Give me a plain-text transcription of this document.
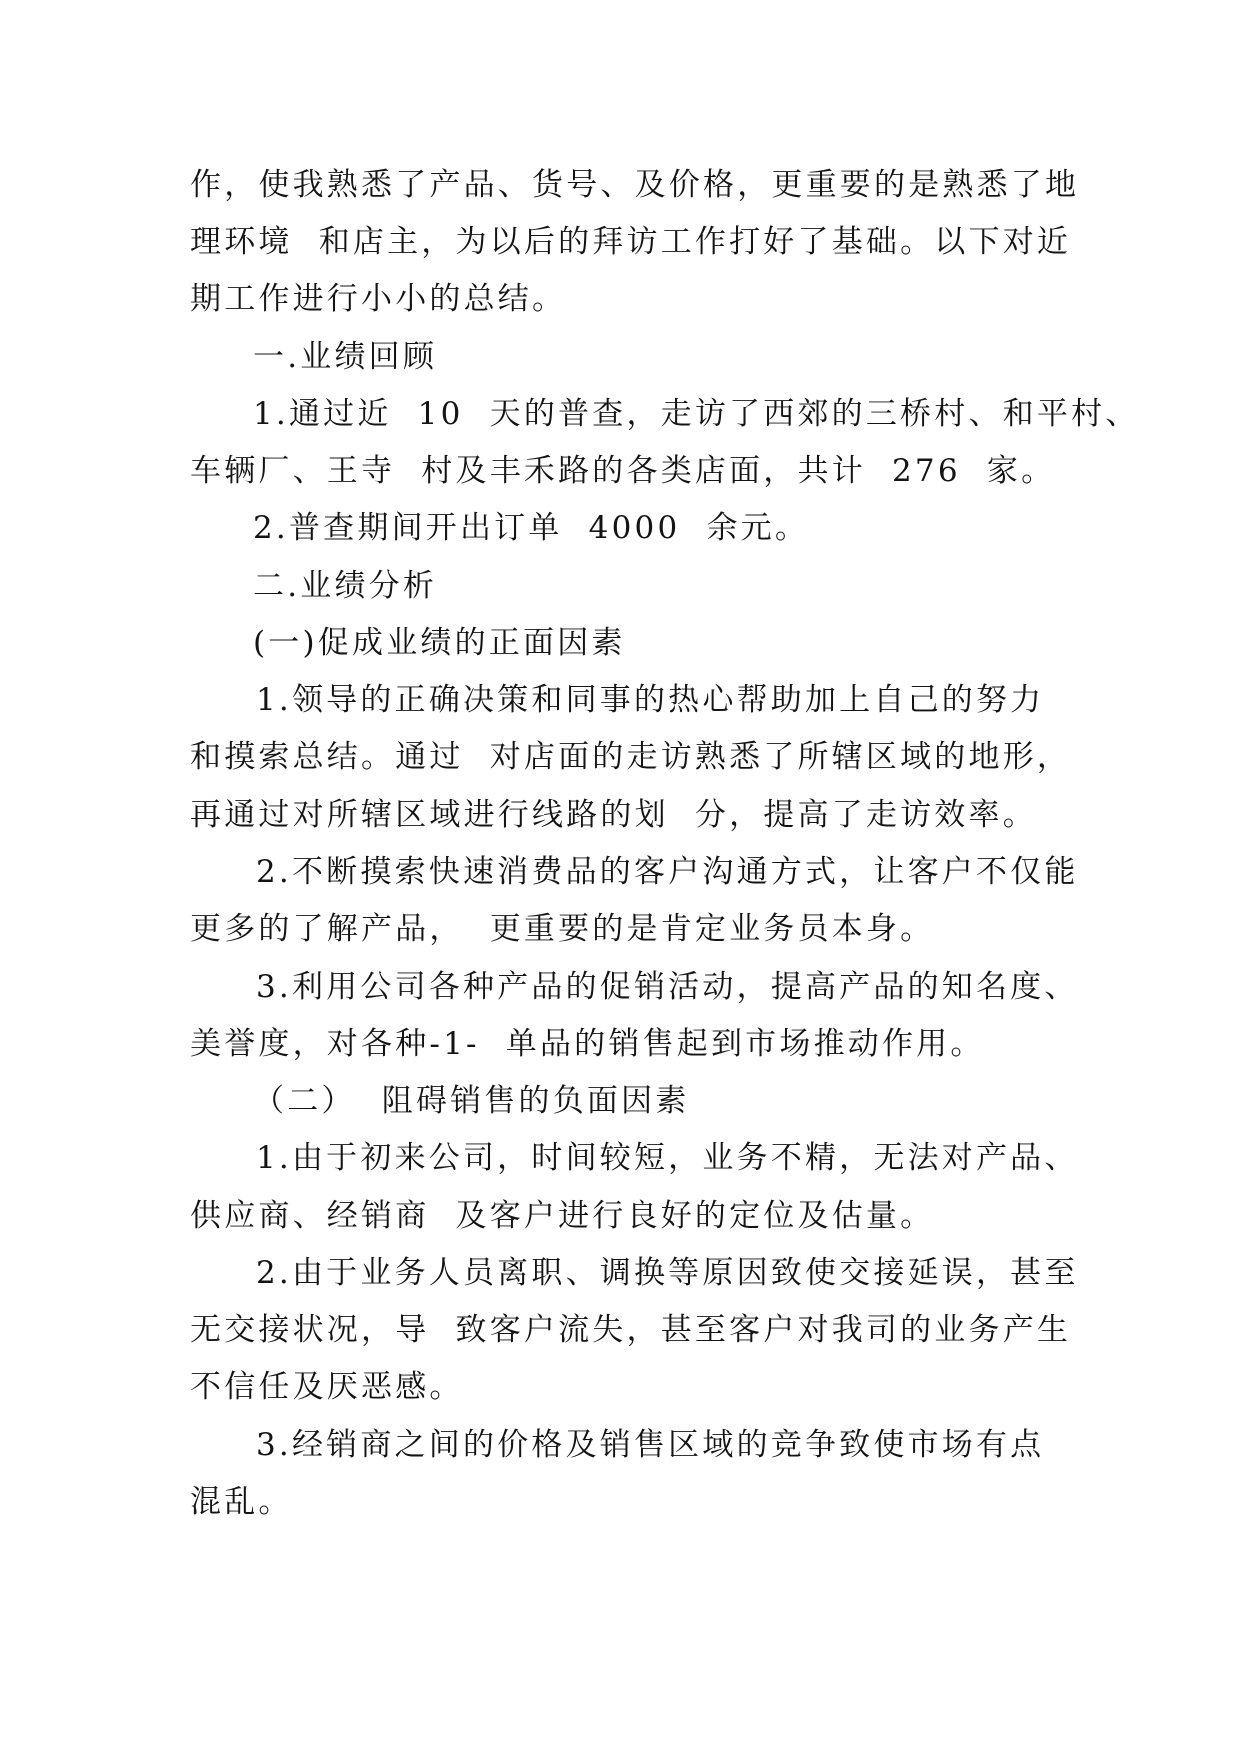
作，使我熟悉了产品、货号、及价格，更重要的是熟悉了地
理环境  和店主，为以后的拜访工作打好了基础。以下对近
期工作进行小小的总结。
一.业绩回顾
1.通过近  10  天的普查，走访了西郊的三桥村、和平村、
车辆厂、王寺  村及丰禾路的各类店面，共计  276  家。
2.普查期间开出订单  4000  余元。
二.业绩分析
(一)促成业绩的正面因素
1.领导的正确决策和同事的热心帮助加上自己的努力
和摸索总结。通过  对店面的走访熟悉了所辖区域的地形，
再通过对所辖区域进行线路的划  分，提高了走访效率。
2.不断摸索快速消费品的客户沟通方式，让客户不仅能
更多的了解产品，  更重要的是肯定业务员本身。
3.利用公司各种产品的促销活动，提高产品的知名度、
美誉度，对各种-1-  单品的销售起到市场推动作用。
（二）  阻碍销售的负面因素
1.由于初来公司，时间较短，业务不精，无法对产品、
供应商、经销商  及客户进行良好的定位及估量。
2.由于业务人员离职、调换等原因致使交接延误，甚至
无交接状况，导  致客户流失，甚至客户对我司的业务产生
不信任及厌恶感。
3.经销商之间的价格及销售区域的竞争致使市场有点
混乱。
